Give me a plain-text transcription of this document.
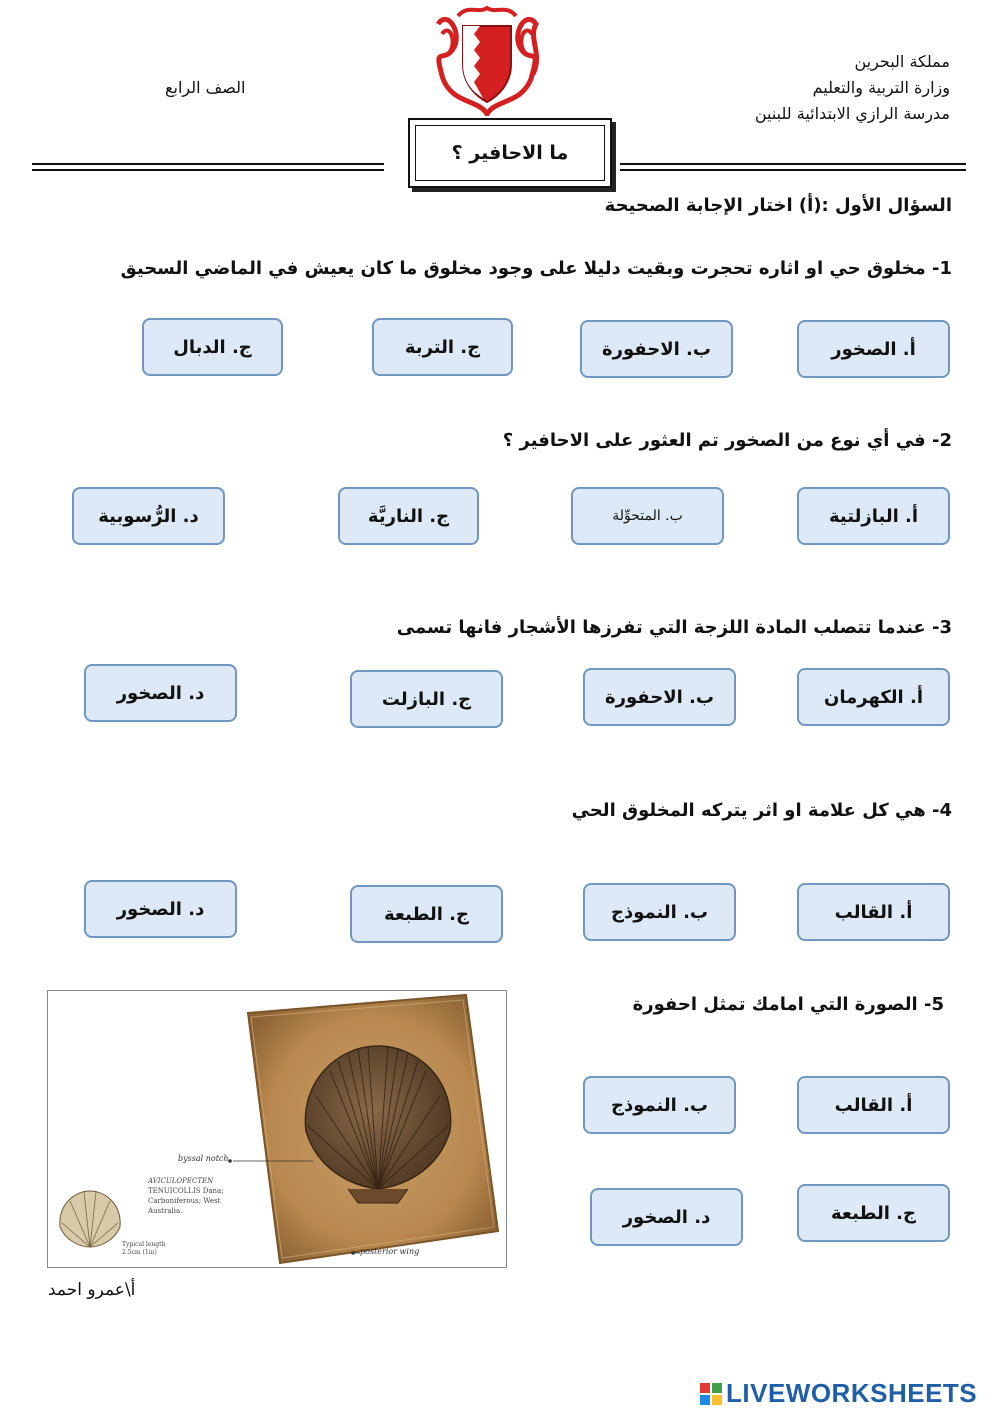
مملكة البحرين
وزارة التربية والتعليم
مدرسة الرازي الابتدائية للبنين
الصف الرابع
ما الاحافير ؟
السؤال الأول :(أ) اختار الإجابة الصحيحة
1- مخلوق حي او اثاره تحجرت وبقيت دليلا على وجود مخلوق ما كان يعيش في الماضي السحيق
أ. الصخور
ب. الاحفورة
ج. التربة
ج. الدبال
2- في أي نوع من الصخور تم العثور على الاحافير ؟
أ. البازلتية
ب. المتحوِّلة
ج. الناريَّة
د. الرُّسوبية
3- عندما تتصلب المادة اللزجة التي تفرزها الأشجار فانها تسمى
أ. الكهرمان
ب. الاحفورة
ج. البازلت
د. الصخور
4- هي كل علامة او اثر يتركه المخلوق الحي
أ. القالب
ب. النموذج
ج. الطبعة
د. الصخور
5- الصورة التي امامك تمثل احفورة
أ. القالب
ب. النموذج
ج. الطبعة
د. الصخور
byssal notch
AVICULOPECTEN
TENUICOLLIS Dana;
Carboniferous; West
Australia.
Typical length
2.5cm (1in)	posterior wing
أ\عمرو احمد
LIVEWORKSHEETS
